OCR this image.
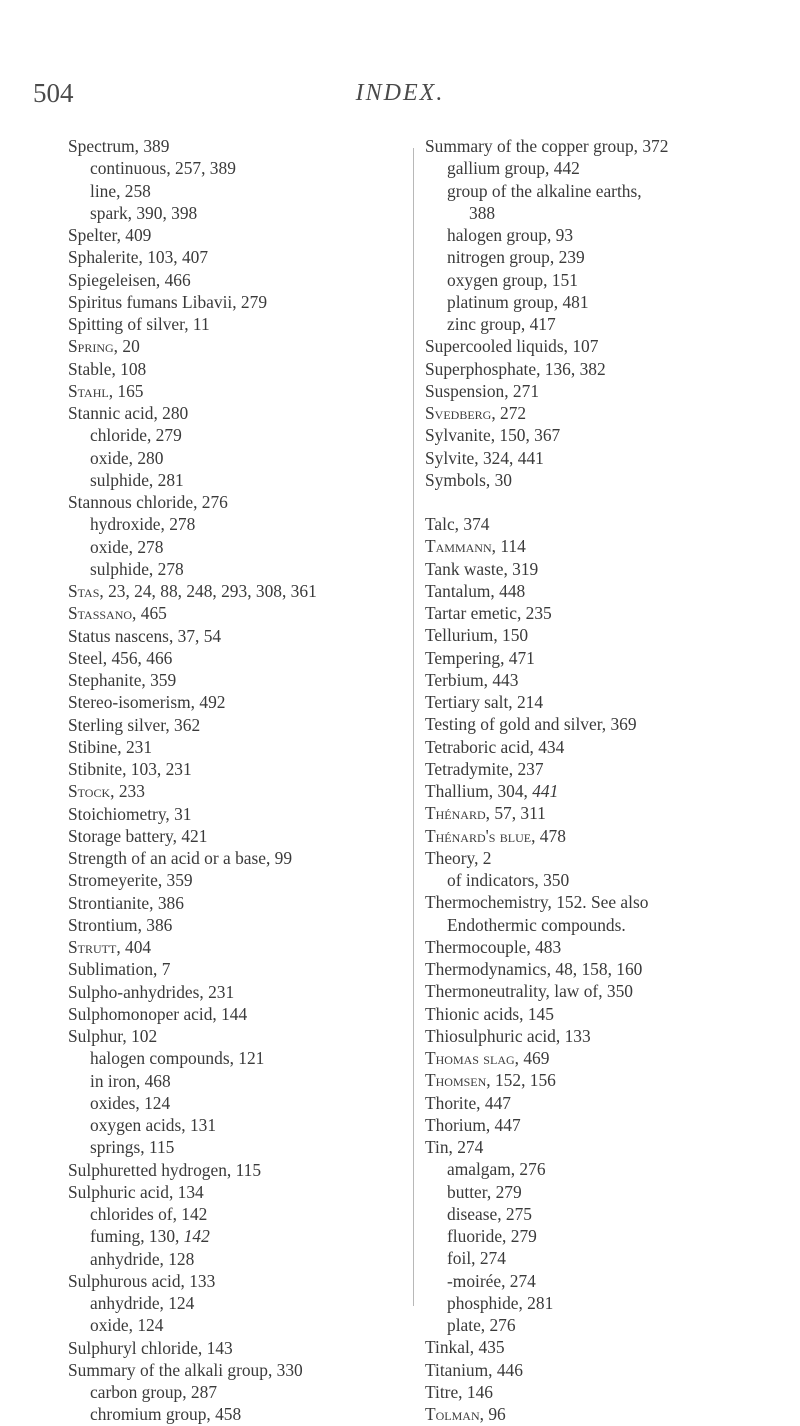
504	INDEX.
Spectrum, 389
continuous, 257, 389
line, 258
spark, 390, 398
Spelter, 409
Sphalerite, 103, 407
Spiegeleisen, 466
Spiritus fumans Libavii, 279
Spitting of silver, 11
Spring, 20
Stable, 108
Stahl, 165
Stannic acid, 280
chloride, 279
oxide, 280
sulphide, 281
Stannous chloride, 276
hydroxide, 278
oxide, 278
sulphide, 278
Stas, 23, 24, 88, 248, 293, 308, 361
Stassano, 465
Status nascens, 37, 54
Steel, 456, 466
Stephanite, 359
Stereo-isomerism, 492
Sterling silver, 362
Stibine, 231
Stibnite, 103, 231
Stock, 233
Stoichiometry, 31
Storage battery, 421
Strength of an acid or a base, 99
Stromeyerite, 359
Strontianite, 386
Strontium, 386
Strutt, 404
Sublimation, 7
Sulpho-anhydrides, 231
Sulphomonoper acid, 144
Sulphur, 102
halogen compounds, 121
in iron, 468
oxides, 124
oxygen acids, 131
springs, 115
Sulphuretted hydrogen, 115
Sulphuric acid, 134
chlorides of, 142
fuming, 130, 142
anhydride, 128
Sulphurous acid, 133
anhydride, 124
oxide, 124
Sulphuryl chloride, 143
Summary of the alkali group, 330
carbon group, 287
chromium group, 458
Summary of the copper group, 372
gallium group, 442
group of the alkaline earths,
388
halogen group, 93
nitrogen group, 239
oxygen group, 151
platinum group, 481
zinc group, 417
Supercooled liquids, 107
Superphosphate, 136, 382
Suspension, 271
Svedberg, 272
Sylvanite, 150, 367
Sylvite, 324, 441
Symbols, 30
Talc, 374
Tammann, 114
Tank waste, 319
Tantalum, 448
Tartar emetic, 235
Tellurium, 150
Tempering, 471
Terbium, 443
Tertiary salt, 214
Testing of gold and silver, 369
Tetraboric acid, 434
Tetradymite, 237
Thallium, 304, 441
Thénard, 57, 311
Thénard's blue, 478
Theory, 2
of indicators, 350
Thermochemistry, 152. See also
Endothermic compounds.
Thermocouple, 483
Thermodynamics, 48, 158, 160
Thermoneutrality, law of, 350
Thionic acids, 145
Thiosulphuric acid, 133
Thomas slag, 469
Thomsen, 152, 156
Thorite, 447
Thorium, 447
Tin, 274
amalgam, 276
butter, 279
disease, 275
fluoride, 279
foil, 274
-moirée, 274
phosphide, 281
plate, 276
Tinkal, 435
Titanium, 446
Titre, 146
Tolman, 96
